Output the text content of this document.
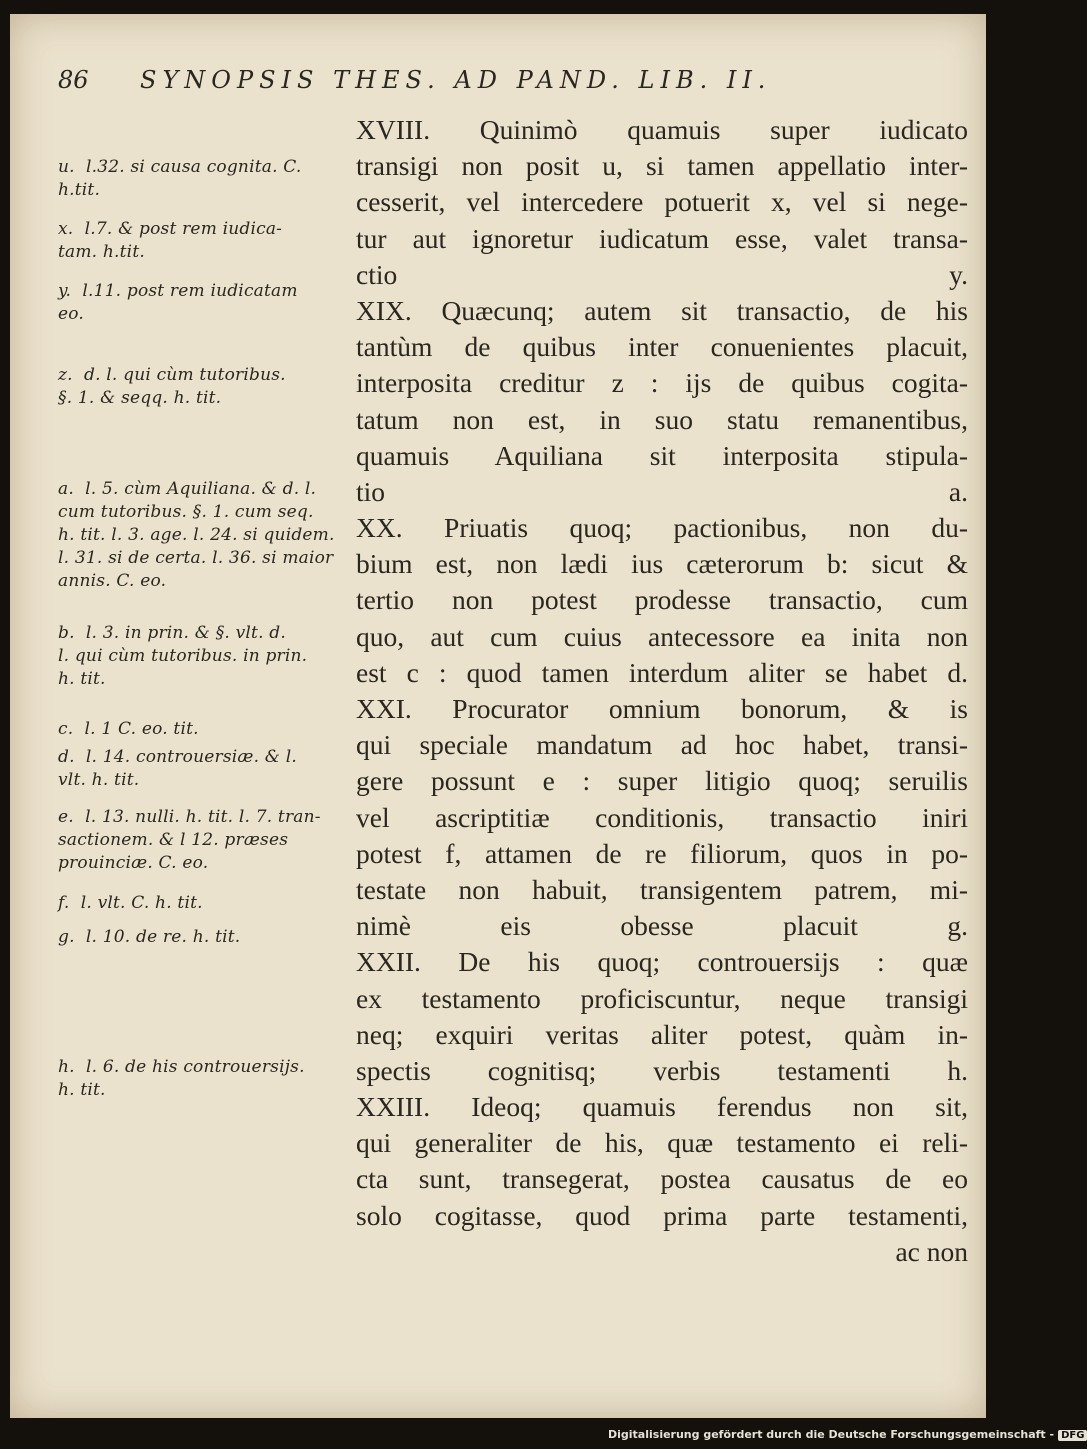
86 SYNOPSIS THES. AD PAND. LIB. II.
u. l.32. si causa cognita. C.
h.tit.
x. l.7. & post rem iudica-
tam. h.tit.
y. l.11. post rem iudicatam
eo.
z. d. l. qui cùm tutoribus.
§. 1. & seqq. h. tit.
a. l. 5. cùm Aquiliana. & d. l.
cum tutoribus. §. 1. cum seq.
h. tit. l. 3. age. l. 24. si quidem.
l. 31. si de certa. l. 36. si maior
annis. C. eo.
b. l. 3. in prin. & §. vlt. d.
l. qui cùm tutoribus. in prin.
h. tit.
c. l. 1 C. eo. tit.
d. l. 14. controuersiæ. & l.
vlt. h. tit.
e. l. 13. nulli. h. tit. l. 7. tran-
sactionem. & l 12. præses
prouinciæ. C. eo.
f. l. vlt. C. h. tit.
g. l. 10. de re. h. tit.
h. l. 6. de his controuersijs.
h. tit.
XVIII. Quinimò quamuis super iudicato
transigi non posit u, si tamen appellatio inter-
cesserit, vel intercedere potuerit x, vel si nege-
tur aut ignoretur iudicatum esse, valet transa-
ctio y.
XIX. Quæcunq; autem sit transactio, de his
tantùm de quibus inter conuenientes placuit,
interposita creditur z : ijs de quibus cogita-
tatum non est, in suo statu remanentibus,
quamuis Aquiliana sit interposita stipula-
tio a.
XX. Priuatis quoq; pactionibus, non du-
bium est, non lædi ius cæterorum b: sicut &
tertio non potest prodesse transactio, cum
quo, aut cum cuius antecessore ea inita non
est c : quod tamen interdum aliter se habet d.
XXI. Procurator omnium bonorum, & is
qui speciale mandatum ad hoc habet, transi-
gere possunt e : super litigio quoq; seruilis
vel ascriptitiæ conditionis, transactio iniri
potest f, attamen de re filiorum, quos in po-
testate non habuit, transigentem patrem, mi-
nimè eis obesse placuit g.
XXII. De his quoq; controuersijs : quæ
ex testamento proficiscuntur, neque transigi
neq; exquiri veritas aliter potest, quàm in-
spectis cognitisq; verbis testamenti h.
XXIII. Ideoq; quamuis ferendus non sit,
qui generaliter de his, quæ testamento ei reli-
cta sunt, transegerat, postea causatus de eo
solo cogitasse, quod prima parte testamenti,
ac non
Digitalisierung gefördert durch die Deutsche Forschungsgemeinschaft - DFG
